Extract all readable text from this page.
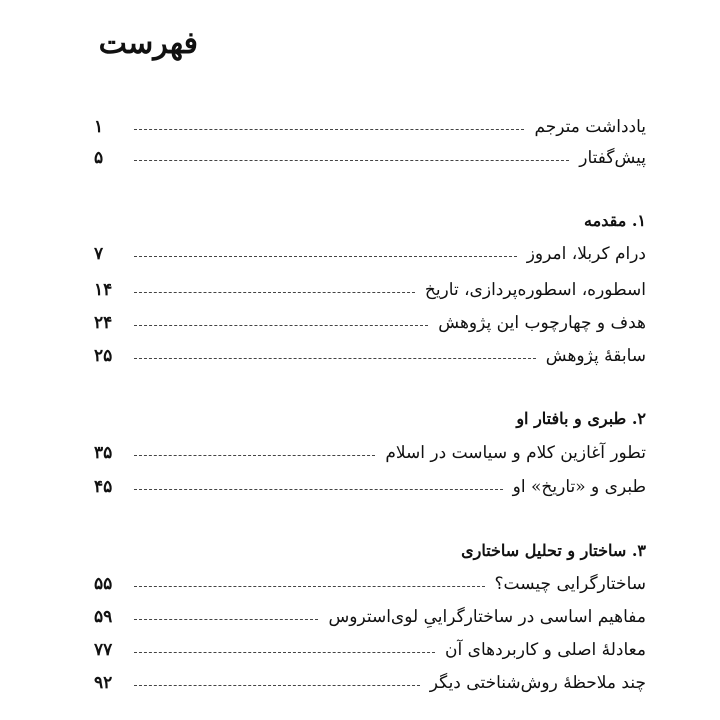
فهرست
یادداشت مترجم
۱
پیش‌گفتار
۵
۱. مقدمه
درام کربلا، امروز
۷
اسطوره، اسطوره‌پردازی، تاریخ
۱۴
هدف و چهارچوب این پژوهش
۲۴
سابقهٔ پژوهش
۲۵
۲. طبری و بافتار او
تطور آغازین کلام و سیاست در اسلام
۳۵
طبری و «تاریخ» او
۴۵
۳. ساختار و تحلیل ساختاری
ساختارگرایی چیست؟
۵۵
مفاهیم اساسی در ساختارگراییِ لوی‌استروس
۵۹
معادلهٔ اصلی و کاربردهای آن
۷۷
چند ملاحظهٔ روش‌شناختی دیگر
۹۲
